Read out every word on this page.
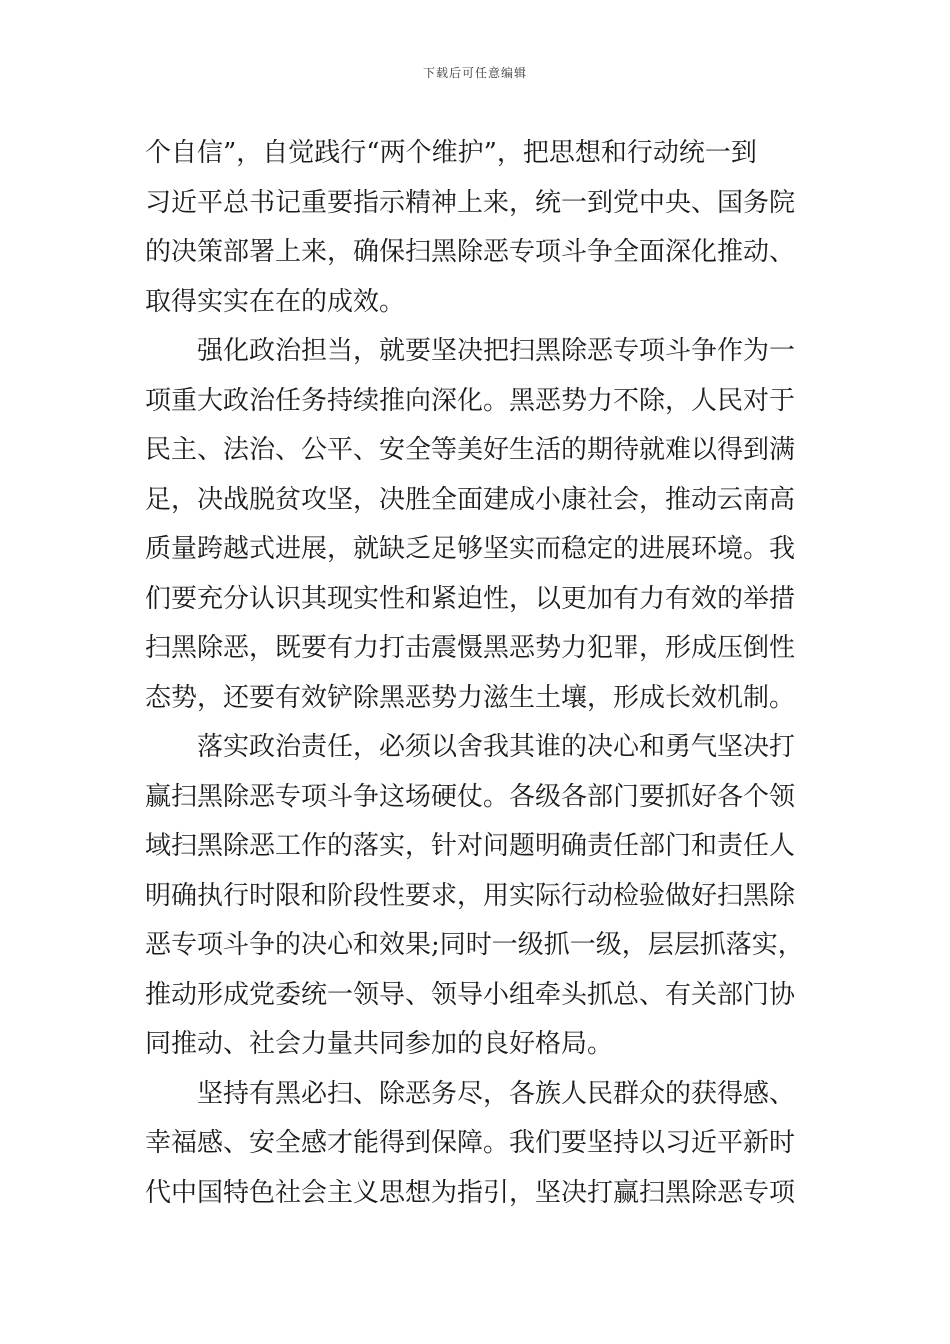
下载后可任意编辑
个自信”，自觉践行“两个维护”，把思想和行动统一到
习近平总书记重要指示精神上来，统一到党中央、国务院
的决策部署上来，确保扫黑除恶专项斗争全面深化推动、
取得实实在在的成效。
强化政治担当，就要坚决把扫黑除恶专项斗争作为一
项重大政治任务持续推向深化。黑恶势力不除，人民对于
民主、法治、公平、安全等美好生活的期待就难以得到满
足，决战脱贫攻坚，决胜全面建成小康社会，推动云南高
质量跨越式进展，就缺乏足够坚实而稳定的进展环境。我
们要充分认识其现实性和紧迫性，以更加有力有效的举措
扫黑除恶，既要有力打击震慑黑恶势力犯罪，形成压倒性
态势，还要有效铲除黑恶势力滋生土壤，形成长效机制。
落实政治责任，必须以舍我其谁的决心和勇气坚决打
赢扫黑除恶专项斗争这场硬仗。各级各部门要抓好各个领
域扫黑除恶工作的落实，针对问题明确责任部门和责任人
明确执行时限和阶段性要求，用实际行动检验做好扫黑除
恶专项斗争的决心和效果;同时一级抓一级，层层抓落实，
推动形成党委统一领导、领导小组牵头抓总、有关部门协
同推动、社会力量共同参加的良好格局。
坚持有黑必扫、除恶务尽，各族人民群众的获得感、
幸福感、安全感才能得到保障。我们要坚持以习近平新时
代中国特色社会主义思想为指引，坚决打赢扫黑除恶专项
